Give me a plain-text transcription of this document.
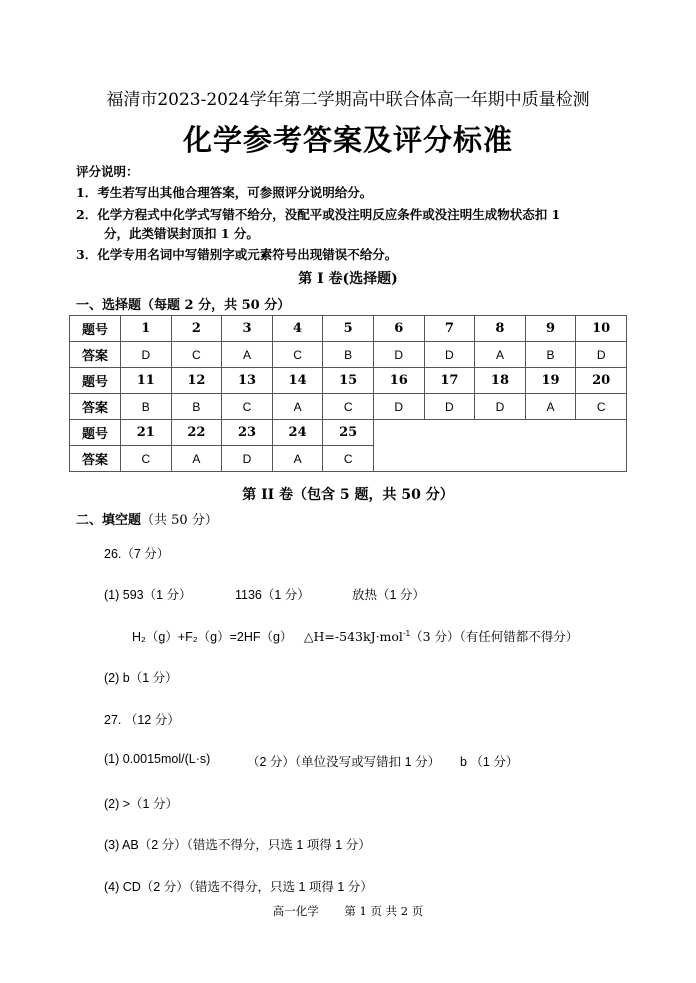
福清市2023-2024学年第二学期高中联合体高一年期中质量检测
化学参考答案及评分标准
评分说明：
1．考生若写出其他合理答案，可参照评分说明给分。
2．化学方程式中化学式写错不给分，没配平或没注明反应条件或没注明生成物状态扣 1
分，此类错误封顶扣 1 分。
3．化学专用名词中写错别字或元素符号出现错误不给分。
第 I 卷(选择题)
一、选择题（每题 2 分，共 50 分）
题号	1	2	3	4	5	6	7	8	9	10
答案	D	C	A	C	B	D	D	A	B	D
题号	11	12	13	14	15	16	17	18	19	20
答案	B	B	C	A	C	D	D	D	A	C
题号	21	22	23	24	25					
答案	C	A	D	A	C					
第 II 卷（包含 5 题，共 50 分）
二、填空题（共 50 分）
26.（7 分）
(1) 593（1 分）	1136（1 分）	放热（1 分）
H₂（g）+F₂（g）=2HF（g） △H=-543kJ·mol$^{-1}$（3 分）（有任何错都不得分）
(2) b（1 分）
27. （12 分）
(1) 0.0015mol/(L·s)	（2 分）（单位没写或写错扣 1 分） b （1 分）
(2) >（1 分）
(3) AB（2 分）（错选不得分，只选 1 项得 1 分）
(4) CD（2 分）（错选不得分，只选 1 项得 1 分）
高一化学 第 1 页 共 2 页
